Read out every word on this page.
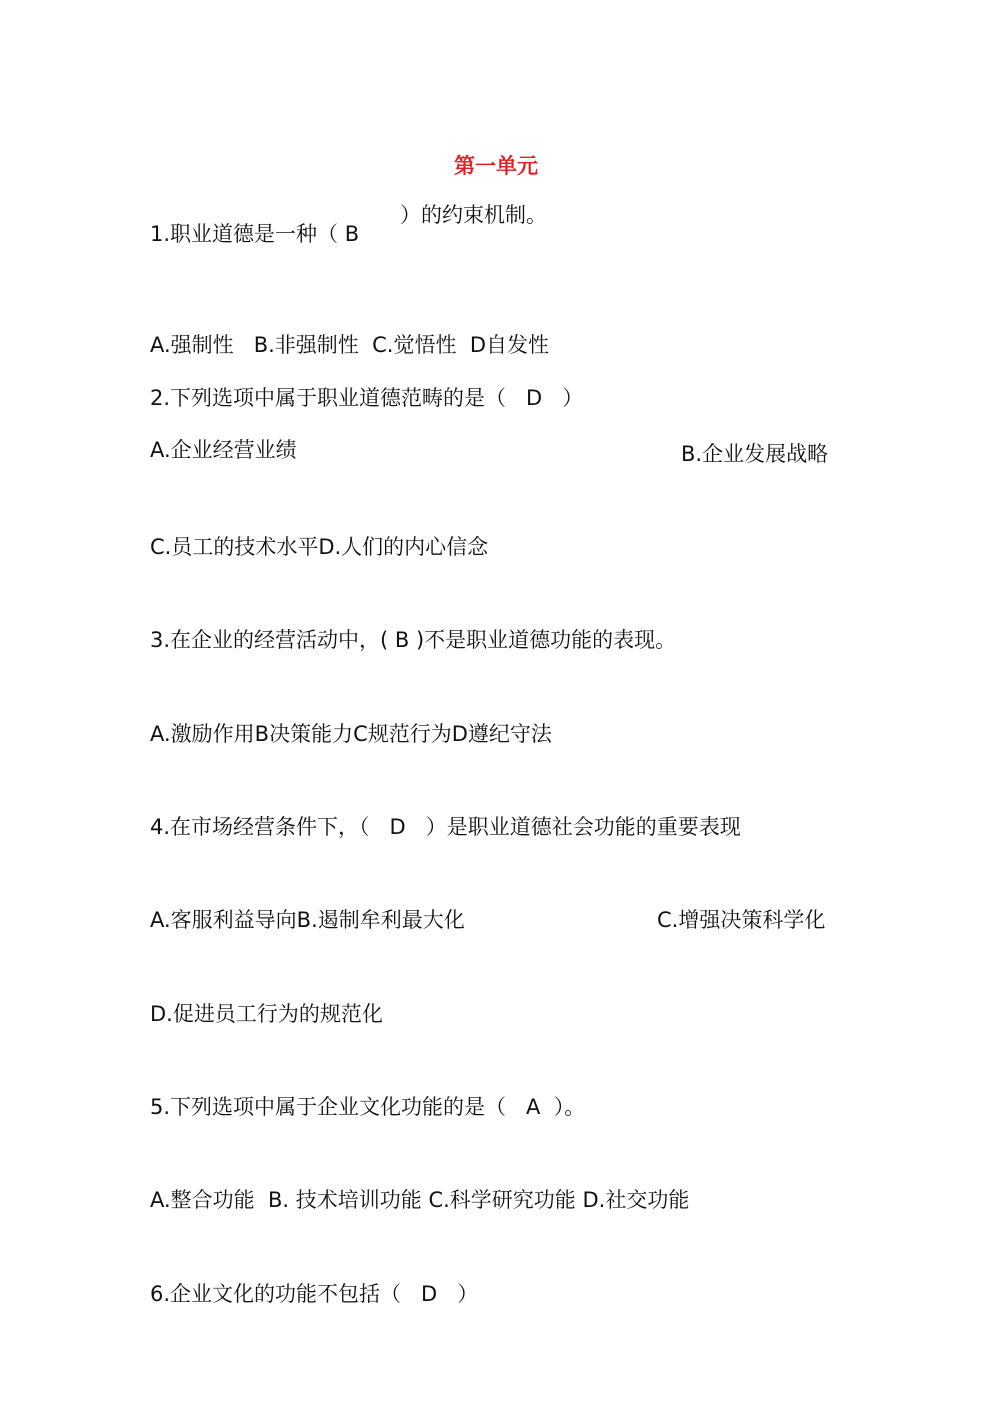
第一单元
1.职业道德是一种（ B
）的约束机制。
A.强制性   B.非强制性  C.觉悟性  D自发性
2.下列选项中属于职业道德范畴的是（   D   ）
A.企业经营业绩	B.企业发展战略
C.员工的技术水平D.人们的内心信念
3.在企业的经营活动中，( B )不是职业道德功能的表现。
A.激励作用B决策能力C规范行为D遵纪守法
4.在市场经营条件下，（   D   ）是职业道德社会功能的重要表现
A.客服利益导向B.遏制牟利最大化	C.增强决策科学化
D.促进员工行为的规范化
5.下列选项中属于企业文化功能的是（   A  ）。
A.整合功能  B. 技术培训功能 C.科学研究功能 D.社交功能
6.企业文化的功能不包括（   D   ）
